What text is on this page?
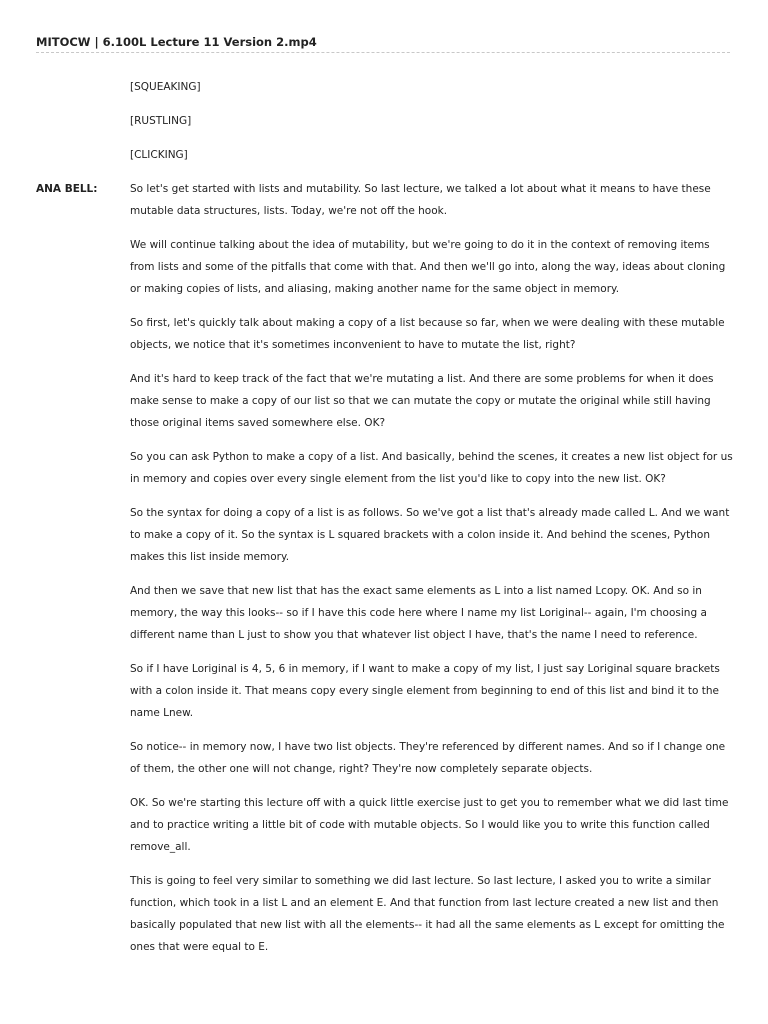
MITOCW | 6.100L Lecture 11 Version 2.mp4
[SQUEAKING]
[RUSTLING]
[CLICKING]
ANA BELL:	So let's get started with lists and mutability. So last lecture, we talked a lot about what it means to have these mutable data structures, lists. Today, we're not off the hook.

We will continue talking about the idea of mutability, but we're going to do it in the context of removing items from lists and some of the pitfalls that come with that. And then we'll go into, along the way, ideas about cloning or making copies of lists, and aliasing, making another name for the same object in memory.

So first, let's quickly talk about making a copy of a list because so far, when we were dealing with these mutable objects, we notice that it's sometimes inconvenient to have to mutate the list, right?

And it's hard to keep track of the fact that we're mutating a list. And there are some problems for when it does make sense to make a copy of our list so that we can mutate the copy or mutate the original while still having those original items saved somewhere else. OK?

So you can ask Python to make a copy of a list. And basically, behind the scenes, it creates a new list object for us in memory and copies over every single element from the list you'd like to copy into the new list. OK?

So the syntax for doing a copy of a list is as follows. So we've got a list that's already made called L. And we want to make a copy of it. So the syntax is L squared brackets with a colon inside it. And behind the scenes, Python makes this list inside memory.

And then we save that new list that has the exact same elements as L into a list named Lcopy. OK. And so in memory, the way this looks-- so if I have this code here where I name my list Loriginal-- again, I'm choosing a different name than L just to show you that whatever list object I have, that's the name I need to reference.

So if I have Loriginal is 4, 5, 6 in memory, if I want to make a copy of my list, I just say Loriginal square brackets with a colon inside it. That means copy every single element from beginning to end of this list and bind it to the name Lnew.

So notice-- in memory now, I have two list objects. They're referenced by different names. And so if I change one of them, the other one will not change, right? They're now completely separate objects.

OK. So we're starting this lecture off with a quick little exercise just to get you to remember what we did last time and to practice writing a little bit of code with mutable objects. So I would like you to write this function called remove_all.

This is going to feel very similar to something we did last lecture. So last lecture, I asked you to write a similar function, which took in a list L and an element E. And that function from last lecture created a new list and then basically populated that new list with all the elements-- it had all the same elements as L except for omitting the ones that were equal to E.
